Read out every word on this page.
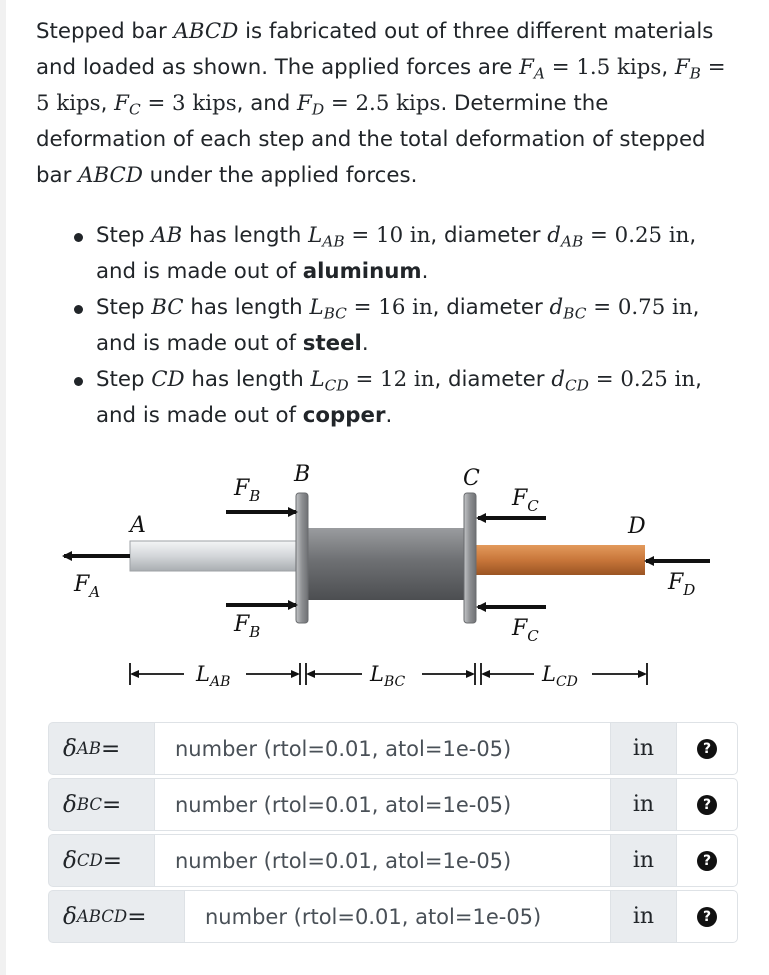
Stepped bar ABCD is fabricated out of three different materials and loaded as shown. The applied forces are $F_A = 1.5$ kips, $F_B = 5$ kips, $F_C = 3$ kips, and $F_D = 2.5$ kips. Determine the deformation of each step and the total deformation of stepped bar ABCD under the applied forces.
Step AB has length $L_{AB} = 10$ in, diameter $d_{AB} = 0.25$ in,
and is made out of aluminum.
Step BC has length $L_{BC} = 16$ in, diameter $d_{BC} = 0.75$ in,
and is made out of steel.
Step CD has length $L_{CD} = 12$ in, diameter $d_{CD} = 0.25$ in,
and is made out of copper.
A
B	C
D
$F_A$
$F_B$
$F_B$
$F_C$
$F_C$
$F_D$
$L_{AB}$	$L_{BC}$	$L_{CD}$
δ AB =	number (rtol=0.01, atol=1e-05)	in	?
δ BC =	number (rtol=0.01, atol=1e-05)	in	?
δ CD =	number (rtol=0.01, atol=1e-05)	in	?
δ ABCD =	number (rtol=0.01, atol=1e-05)	in	?
